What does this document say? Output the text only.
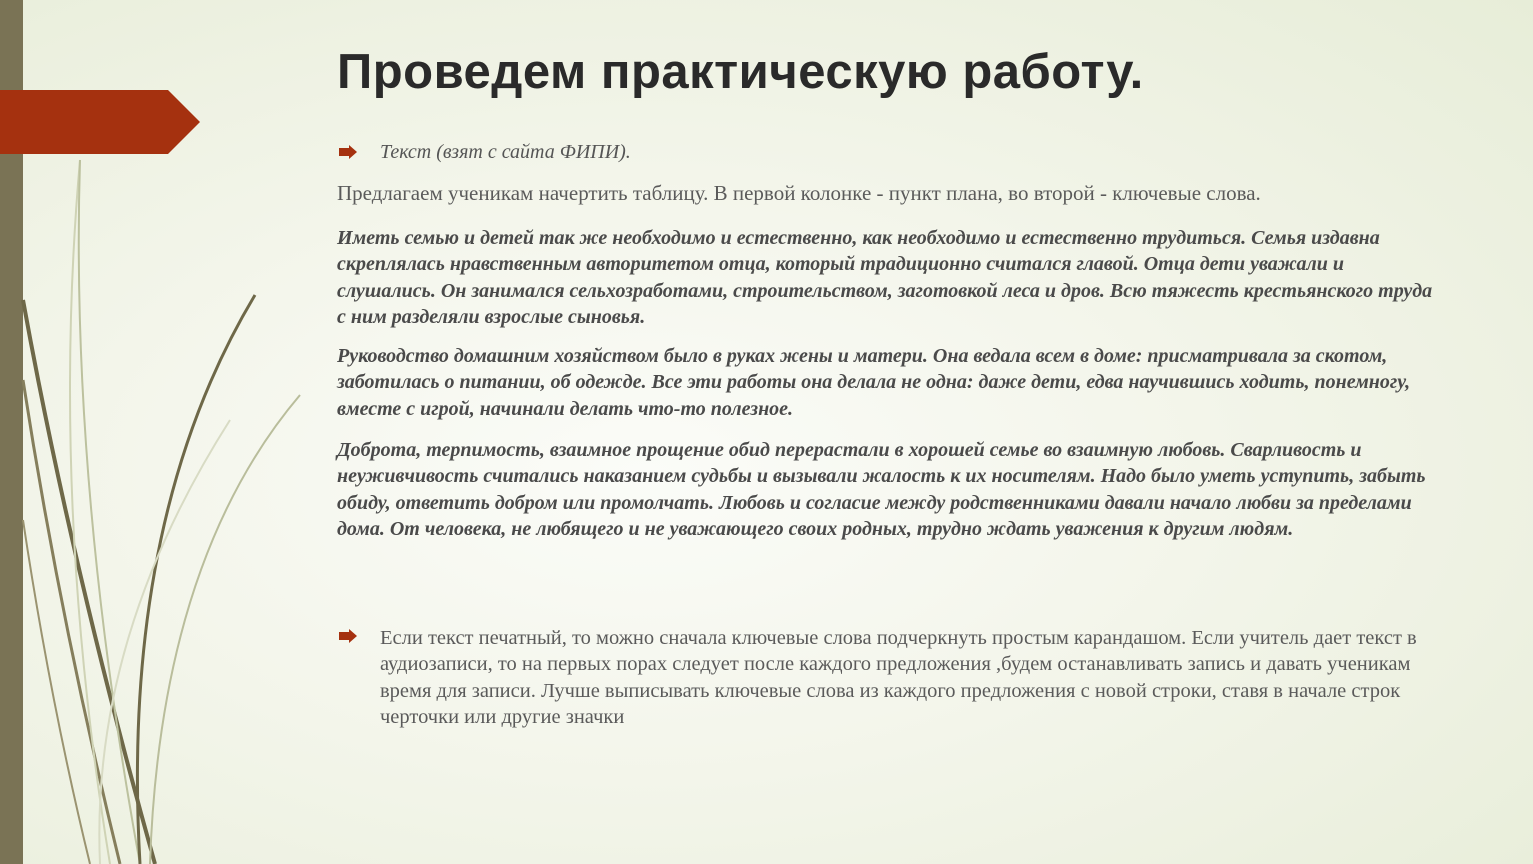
Проведем практическую работу.
Текст (взят с сайта ФИПИ).
Предлагаем ученикам начертить таблицу. В первой колонке - пункт плана, во второй - ключевые слова.

Иметь семью и детей так же необходимо и естественно, как необходимо и естественно трудиться. Семья издавна скреплялась нравственным авторитетом отца, который традиционно считался главой. Отца дети уважали и слушались. Он занимался сельхозработами, строительством, заготовкой леса и дров. Всю тяжесть крестьянского труда с ним разделяли взрослые сыновья.

Руководство домашним хозяйством было в руках жены и матери. Она ведала всем в доме: присматривала за скотом, заботилась о питании, об одежде. Все эти работы она делала не одна: даже дети, едва научившись ходить, понемногу, вместе с игрой, начинали делать что-то полезное.

Доброта, терпимость, взаимное прощение обид перерастали в хорошей семье во взаимную любовь. Сварливость и неуживчивость считались наказанием судьбы и вызывали жалость к их носителям. Надо было уметь уступить, забыть обиду, ответить добром или промолчать. Любовь и согласие между родственниками давали начало любви за пределами дома. От человека, не любящего и не уважающего своих родных, трудно ждать уважения к другим людям.

Если текст печатный, то можно сначала ключевые слова подчеркнуть простым карандашом. Если учитель дает текст в аудиозаписи, то на первых порах следует после каждого предложения ,будем останавливать запись и давать ученикам время для записи. Лучше выписывать ключевые слова из каждого предложения с новой строки, ставя в начале строк черточки или другие значки
